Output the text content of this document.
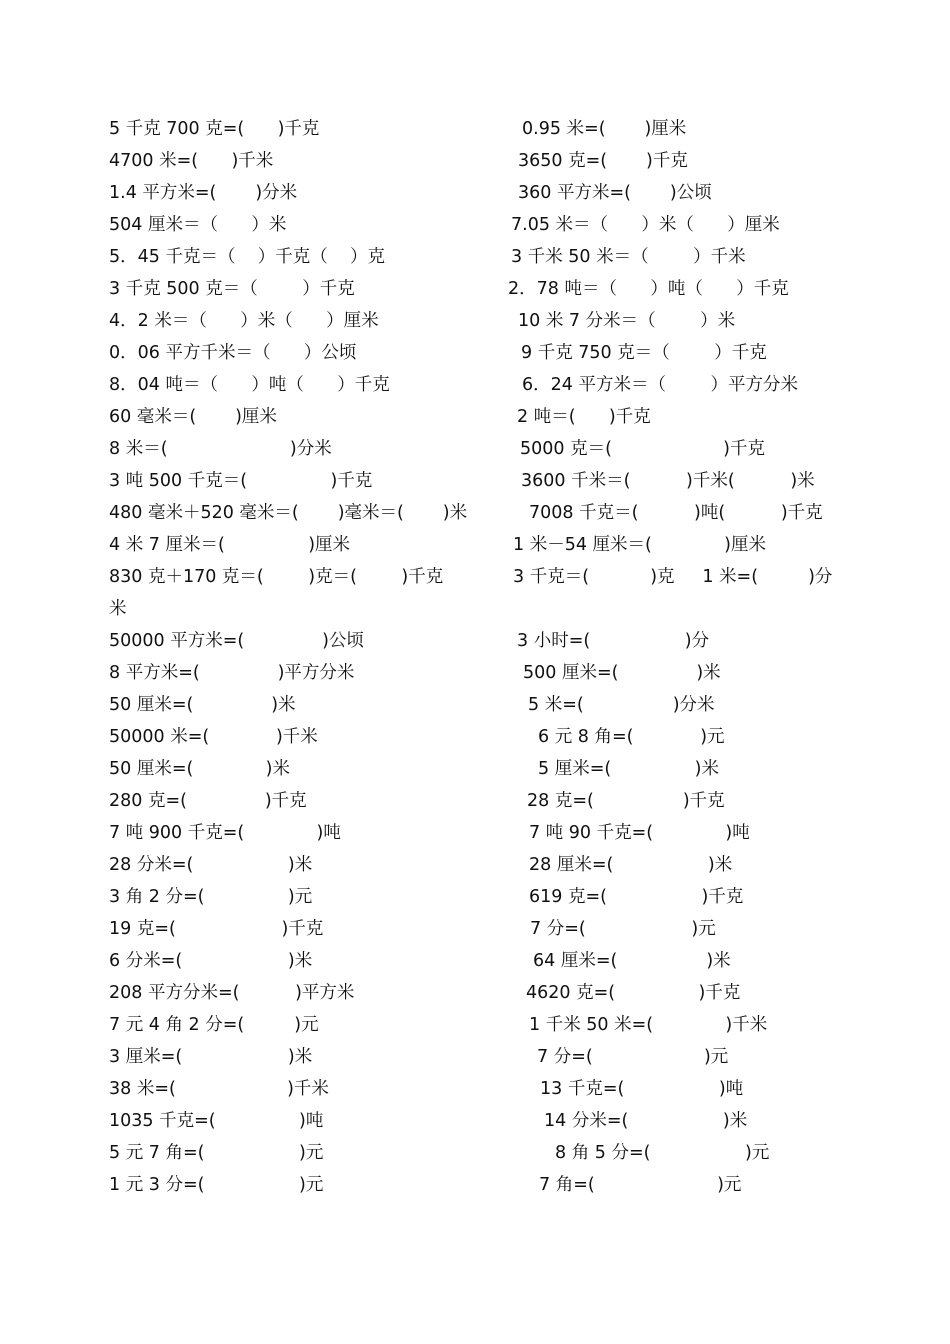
5 千克 700 克=(      )千克
4700 米=(      )千米
1.4 平方米=(       )分米
504 厘米＝（      ）米
5．45 千克＝（    ）千克（    ）克
3 千克 500 克＝（        ）千克
4．2 米＝（      ）米（      ）厘米
0．06 平方千米＝（      ）公顷
8．04 吨＝（      ）吨（      ）千克
60 毫米＝(       )厘米
8 米＝(                      )分米
3 吨 500 千克＝(               )千克
480 毫米＋520 毫米＝(       )毫米＝(       )米
4 米 7 厘米＝(               )厘米
830 克＋170 克＝(        )克＝(        )千克
50000 平方米=(              )公顷
8 平方米=(              )平方分米
50 厘米=(              )米
50000 米=(            )千米
50 厘米=(             )米
280 克=(              )千克
7 吨 900 千克=(             )吨
28 分米=(                 )米
3 角 2 分=(               )元
19 克=(                   )千克
6 分米=(                   )米
208 平方分米=(          )平方米
7 元 4 角 2 分=(         )元
3 厘米=(                   )米
38 米=(                    )千米
1035 千克=(               )吨
5 元 7 角=(                 )元
1 元 3 分=(                 )元
0.95 米=(       )厘米
3650 克=(       )千克
360 平方米=(       )公顷
7.05 米＝（      ）米（      ）厘米
3 千米 50 米＝（        ）千米
2．78 吨＝（      ）吨（      ）千克
10 米 7 分米＝（        ）米
9 千克 750 克＝（        ）千克
6．24 平方米＝（        ）平方分米
2 吨＝(      )千克
5000 克＝(                    )千克
3600 千米＝(          )千米(          )米
7008 千克＝(          )吨(          )千克
1 米－54 厘米＝(             )厘米
3 千克＝(           )克     1 米=(         )分
3 小时=(                 )分
500 厘米=(              )米
5 米=(                )分米
6 元 8 角=(            )元
5 厘米=(               )米
28 克=(                )千克
7 吨 90 千克=(             )吨
28 厘米=(                 )米
619 克=(                 )千克
7 分=(                   )元
64 厘米=(                )米
4620 克=(               )千克
1 千米 50 米=(             )千米
7 分=(                    )元
13 千克=(                 )吨
14 分米=(                 )米
8 角 5 分=(                 )元
7 角=(                      )元
米
